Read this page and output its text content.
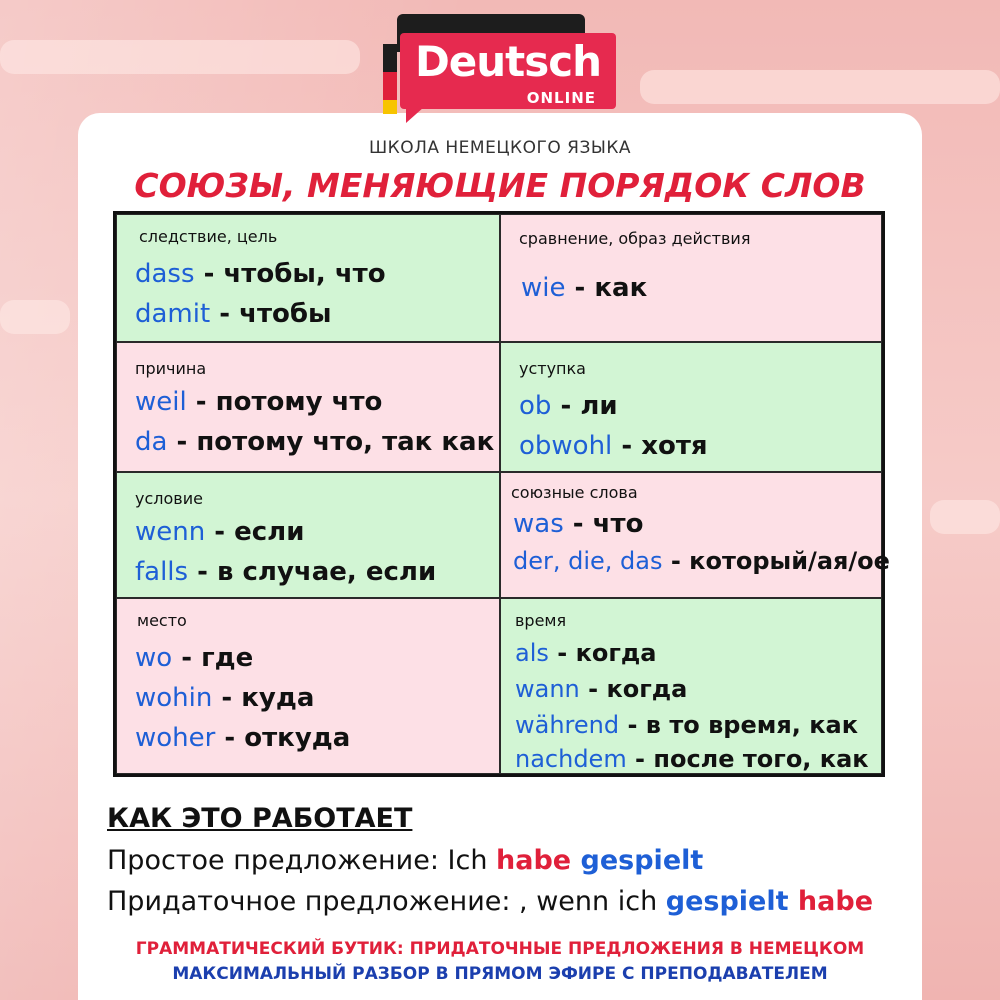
Deutsch
ONLINE
ШКОЛА НЕМЕЦКОГО ЯЗЫКА
СОЮЗЫ, МЕНЯЮЩИЕ ПОРЯДОК СЛОВ
следствие, цель
dass - чтобы, что
damit - чтобы
сравнение, образ действия
wie - как
причина
weil - потому что
da - потому что, так как
уступка
ob - ли
obwohl - хотя
условие
wenn - если
falls - в случае, если
союзные слова
was - что
der, die, das - который/ая/ое
место
wo - где
wohin - куда
woher - откуда
время
als - когда
wann - когда
während - в то время, как
nachdem - после того, как
КАК ЭТО РАБОТАЕТ
Простое предложение: Ich habe gespielt
Придаточное предложение: , wenn ich gespielt habe
ГРАММАТИЧЕСКИЙ БУТИК: ПРИДАТОЧНЫЕ ПРЕДЛОЖЕНИЯ В НЕМЕЦКОМ
МАКСИМАЛЬНЫЙ РАЗБОР В ПРЯМОМ ЭФИРЕ С ПРЕПОДАВАТЕЛЕМ
